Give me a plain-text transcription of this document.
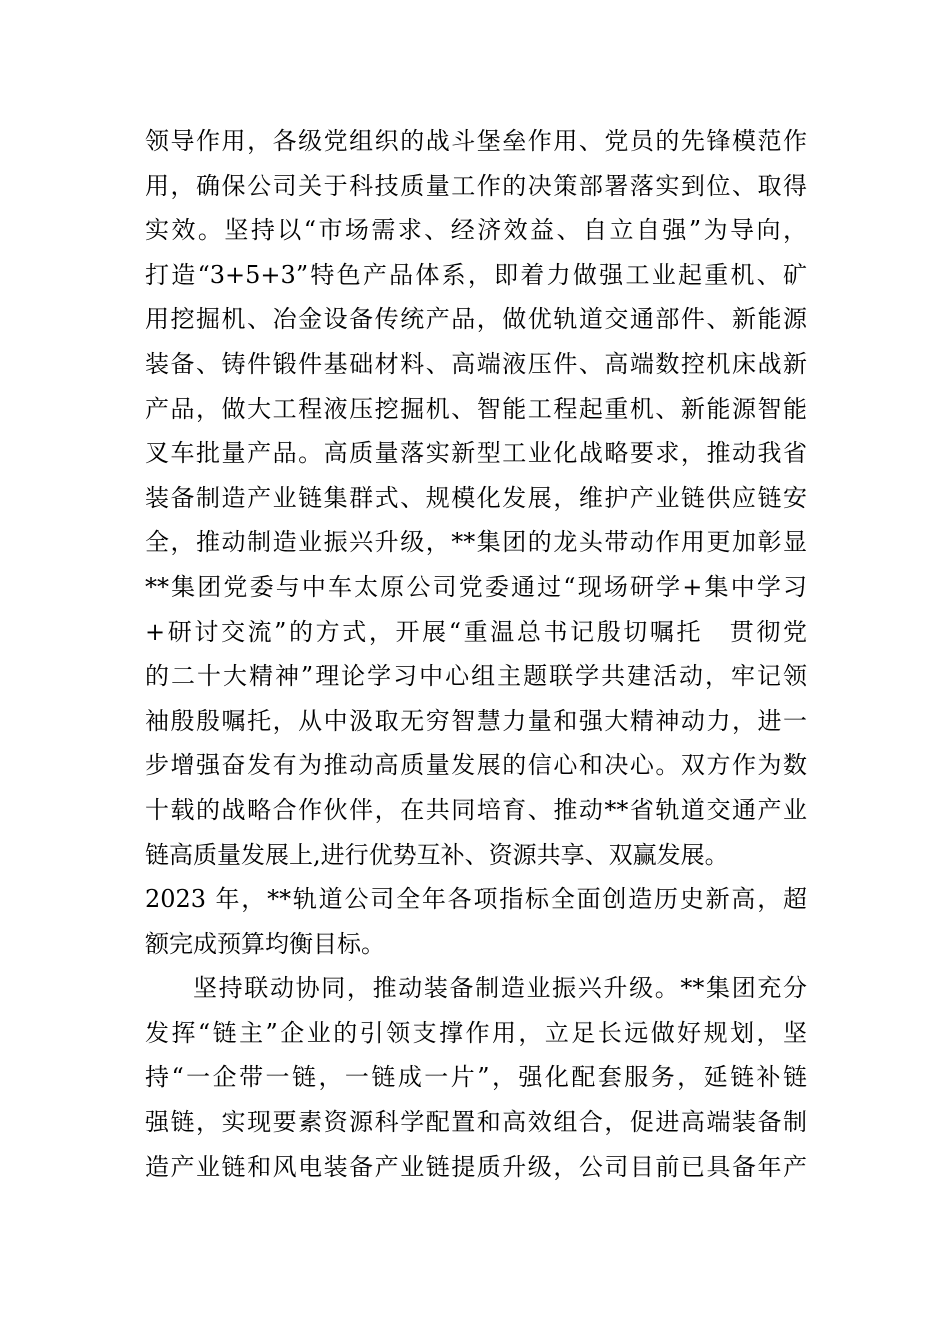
领导作用，各级党组织的战斗堡垒作用、党员的先锋模范作
用，确保公司关于科技质量工作的决策部署落实到位、取得
实效。坚持以“市场需求、经济效益、自立自强”为导向，
打造“3+5+3”特色产品体系，即着力做强工业起重机、矿
用挖掘机、冶金设备传统产品，做优轨道交通部件、新能源
装备、铸件锻件基础材料、高端液压件、高端数控机床战新
产品，做大工程液压挖掘机、智能工程起重机、新能源智能
叉车批量产品。高质量落实新型工业化战略要求，推动我省
装备制造产业链集群式、规模化发展，维护产业链供应链安
全，推动制造业振兴升级，**集团的龙头带动作用更加彰显
**集团党委与中车太原公司党委通过“现场研学+集中学习
+研讨交流”的方式，开展“重温总书记殷切嘱托　贯彻党
的二十大精神”理论学习中心组主题联学共建活动，牢记领
袖殷殷嘱托，从中汲取无穷智慧力量和强大精神动力，进一
步增强奋发有为推动高质量发展的信心和决心。双方作为数
十载的战略合作伙伴，在共同培育、推动**省轨道交通产业
链高质量发展上,进行优势互补、资源共享、双赢发展。
2023 年，**轨道公司全年各项指标全面创造历史新高，超
额完成预算均衡目标。
坚持联动协同，推动装备制造业振兴升级。**集团充分
发挥“链主”企业的引领支撑作用，立足长远做好规划，坚
持“一企带一链，一链成一片”，强化配套服务，延链补链
强链，实现要素资源科学配置和高效组合，促进高端装备制
造产业链和风电装备产业链提质升级，公司目前已具备年产
